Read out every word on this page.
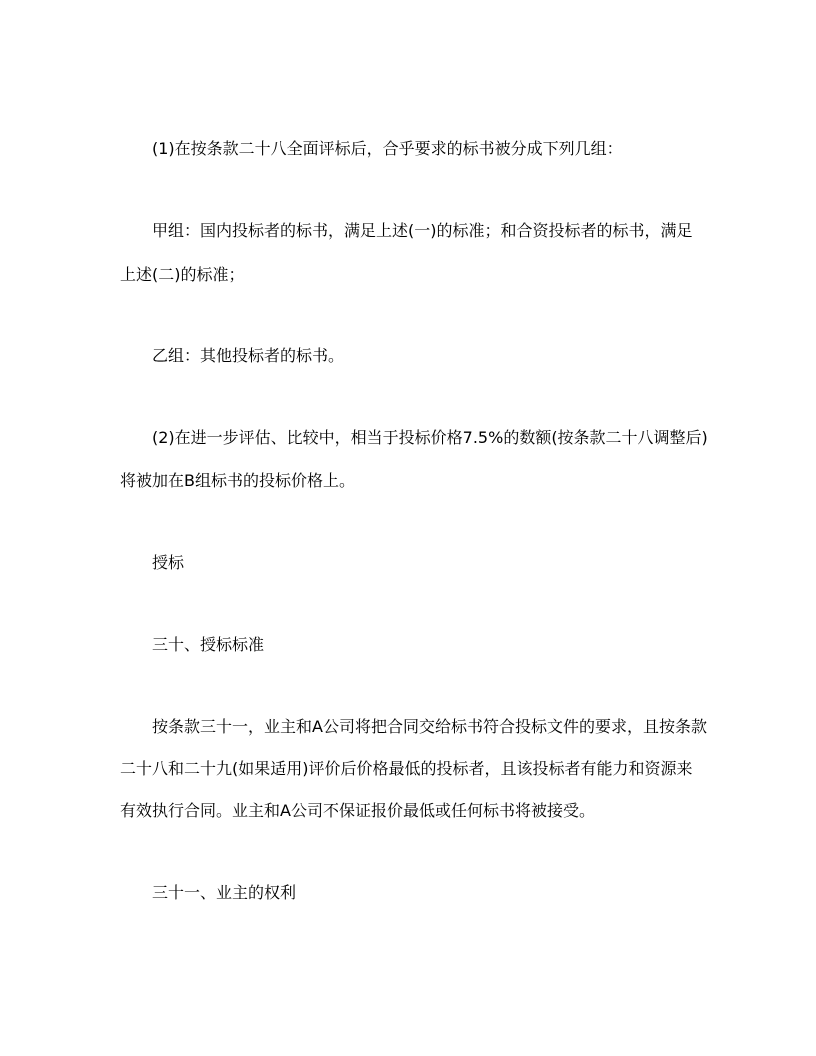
(1)在按条款二十八全面评标后，合乎要求的标书被分成下列几组：
甲组：国内投标者的标书，满足上述(一)的标准；和合资投标者的标书，满足
上述(二)的标准；
乙组：其他投标者的标书。
(2)在进一步评估、比较中，相当于投标价格7.5%的数额(按条款二十八调整后)
将被加在B组标书的投标价格上。
授标
三十、授标标准
按条款三十一，业主和A公司将把合同交给标书符合投标文件的要求，且按条款
二十八和二十九(如果适用)评价后价格最低的投标者，且该投标者有能力和资源来
有效执行合同。业主和A公司不保证报价最低或任何标书将被接受。
三十一、业主的权利
